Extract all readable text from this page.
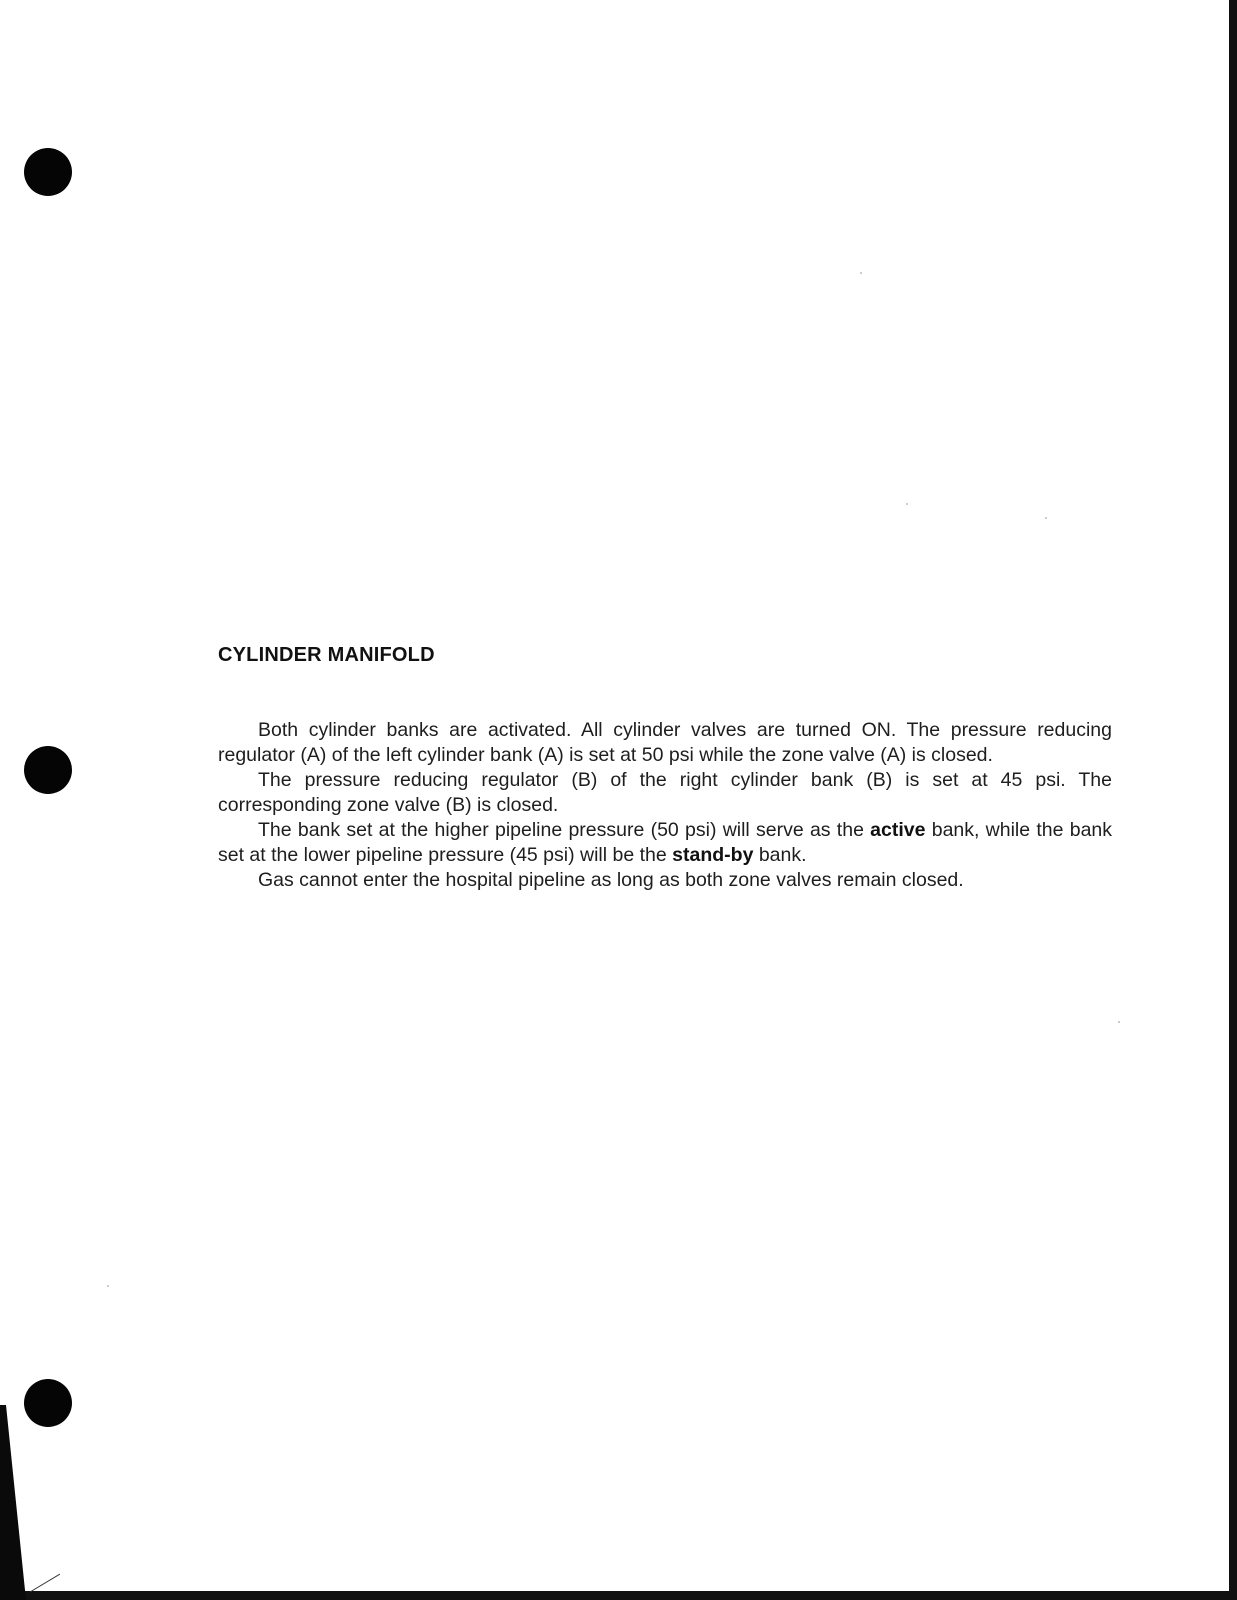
CYLINDER MANIFOLD

Both cylinder banks are activated. All cylinder valves are turned ON. The pressure reducing regulator (A) of the left cylinder bank (A) is set at 50 psi while the zone valve (A) is closed.

The pressure reducing regulator (B) of the right cylinder bank (B) is set at 45 psi. The corresponding zone valve (B) is closed.

The bank set at the higher pipeline pressure (50 psi) will serve as the active bank, while the bank set at the lower pipeline pressure (45 psi) will be the stand-by bank.

Gas cannot enter the hospital pipeline as long as both zone valves remain closed.
